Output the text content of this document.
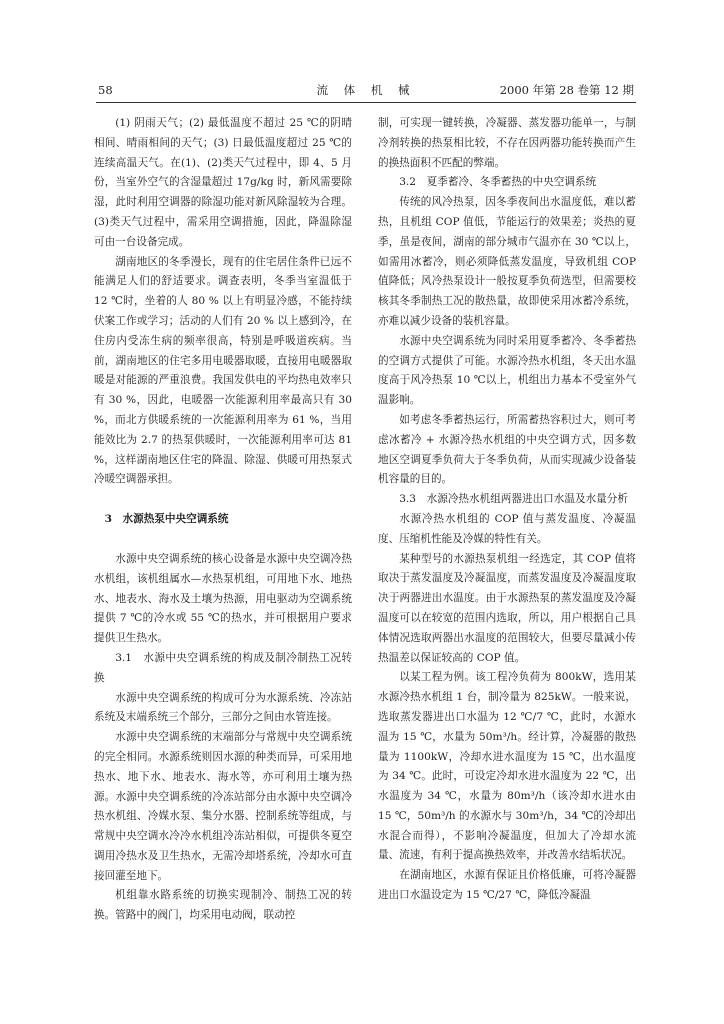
58	流 体 机 械	2000 年第 28 卷第 12 期

(1) 阴雨天气；(2) 最低温度不超过 25 ℃的阴晴相间、晴雨相间的天气；(3) 日最低温度超过 25 ℃的连续高温天气。在(1)、(2)类天气过程中，即 4、5 月份，当室外空气的含湿量超过 17g/kg 时，新风需要除湿，此时利用空调器的除湿功能对新风除湿较为合理。(3)类天气过程中，需采用空调措施，因此，降温除湿可由一台设备完成。

湖南地区的冬季漫长，现有的住宅居住条件已远不能满足人们的舒适要求。调查表明，冬季当室温低于 12 ℃时，坐着的人 80 % 以上有明显冷感，不能持续伏案工作或学习；活动的人们有 20 % 以上感到冷，在住房内受冻生病的频率很高，特别是呼吸道疾病。当前，湖南地区的住宅多用电暖器取暖，直接用电暖器取暖是对能源的严重浪费。我国发供电的平均热电效率只有 30 %，因此，电暖器一次能源利用率最高只有 30 %，而北方供暖系统的一次能源利用率为 61 %，当用能效比为 2.7 的热泵供暖时，一次能源利用率可达 81 %，这样湖南地区住宅的降温、除湿、供暖可用热泵式冷暖空调器承担。

3　水源热泵中央空调系统

水源中央空调系统的核心设备是水源中央空调冷热水机组，该机组属水—水热泵机组，可用地下水、地热水、地表水、海水及土壤为热源，用电驱动为空调系统提供 7 ℃的冷水或 55 ℃的热水，并可根据用户要求提供卫生热水。

3.1　水源中央空调系统的构成及制冷制热工况转换

水源中央空调系统的构成可分为水源系统、冷冻站系统及末端系统三个部分，三部分之间由水管连接。

水源中央空调系统的末端部分与常规中央空调系统的完全相同。水源系统则因水源的种类而异，可采用地热水、地下水、地表水、海水等，亦可利用土壤为热源。水源中央空调系统的冷冻站部分由水源中央空调冷热水机组、冷媒水泵、集分水器、控制系统等组成，与常规中央空调水冷冷水机组冷冻站相似，可提供冬夏空调用冷热水及卫生热水，无需冷却塔系统，冷却水可直接回灌至地下。

机组靠水路系统的切换实现制冷、制热工况的转换。管路中的阀门，均采用电动阀，联动控

制，可实现一键转换，冷凝器、蒸发器功能单一，与制冷剂转换的热泵相比较，不存在因两器功能转换而产生的换热面积不匹配的弊端。

3.2　夏季蓄冷、冬季蓄热的中央空调系统

传统的风冷热泵，因冬季夜间出水温度低，难以蓄热，且机组 COP 值低，节能运行的效果差；炎热的夏季，虽是夜间，湖南的部分城市气温亦在 30 ℃以上，如需用冰蓄冷，则必须降低蒸发温度，导致机组 COP 值降低；风冷热泵设计一般按夏季负荷选型，但需要校核其冬季制热工况的散热量，故即使采用冰蓄冷系统，亦难以减少设备的装机容量。

水源中央空调系统为同时采用夏季蓄冷、冬季蓄热的空调方式提供了可能。水源冷热水机组，冬天出水温度高于风冷热泵 10 ℃以上，机组出力基本不受室外气温影响。

如考虑冬季蓄热运行，所需蓄热容积过大，则可考虑冰蓄冷 + 水源冷热水机组的中央空调方式，因多数地区空调夏季负荷大于冬季负荷，从而实现减少设备装机容量的目的。

3.3　水源冷热水机组两器进出口水温及水量分析

水源冷热水机组的 COP 值与蒸发温度、冷凝温度、压缩机性能及冷媒的特性有关。

某种型号的水源热泵机组一经选定，其 COP 值将取决于蒸发温度及冷凝温度，而蒸发温度及冷凝温度取决于两器进出水温度。由于水源热泵的蒸发温度及冷凝温度可以在较宽的范围内选取，所以，用户根据自己具体情况选取两器出水温度的范围较大，但要尽量减小传热温差以保证较高的 COP 值。

以某工程为例。该工程冷负荷为 800kW，选用某水源冷热水机组 1 台，制冷量为 825kW。一般来说，选取蒸发器进出口水温为 12 ℃/7 ℃，此时，水源水温为 15 ℃，水量为 50m³/h。经计算，冷凝器的散热量为 1100kW，冷却水进水温度为 15 ℃，出水温度为 34 ℃。此时，可设定冷却水进水温度为 22 ℃，出水温度为 34 ℃，水量为 80m³/h（该冷却水进水由 15 ℃，50m³/h 的水源水与 30m³/h，34 ℃的冷却出水混合而得），不影响冷凝温度，但加大了冷却水流量、流速，有利于提高换热效率，并改善水结垢状况。

在湖南地区，水源有保证且价格低廉，可将冷凝器进出口水温设定为 15 ℃/27 ℃，降低冷凝温
